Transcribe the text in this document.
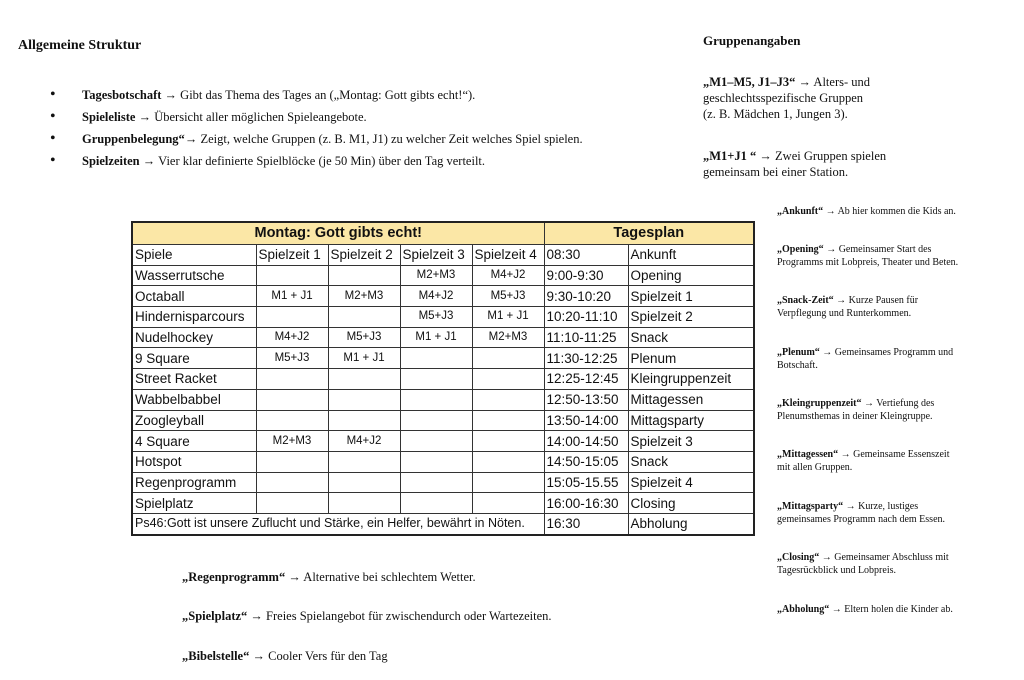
Allgemeine Struktur
• Tagesbotschaft → Gibt das Thema des Tages an („Montag: Gott gibts echt!“).
• Spieleliste → Übersicht aller möglichen Spieleangebote.
• Gruppenbelegung“→ Zeigt, welche Gruppen (z. B. M1, J1) zu welcher Zeit welches Spiel spielen.
• Spielzeiten → Vier klar definierte Spielblöcke (je 50 Min) über den Tag verteilt.
Gruppenangaben
„M1–M5, J1–J3“ → Alters- und
geschlechtsspezifische Gruppen
(z. B. Mädchen 1, Jungen 3).
„M1+J1 “ → Zwei Gruppen spielen
gemeinsam bei einer Station.
„Ankunft“ → Ab hier kommen die Kids an.
„Opening“ → Gemeinsamer Start des
Programms mit Lobpreis, Theater und Beten.
„Snack-Zeit“ → Kurze Pausen für
Verpflegung und Runterkommen.
„Plenum“ → Gemeinsames Programm und
Botschaft.
„Kleingruppenzeit“ → Vertiefung des
Plenumsthemas in deiner Kleingruppe.
„Mittagessen“ → Gemeinsame Essenszeit
mit allen Gruppen.
„Mittagsparty“ → Kurze, lustiges
gemeinsames Programm nach dem Essen.
„Closing“ → Gemeinsamer Abschluss mit
Tagesrückblick und Lobpreis.
„Abholung“ → Eltern holen die Kinder ab.
Montag: Gott gibts echt!					Tagesplan	
Spiele	Spielzeit 1	Spielzeit 2	Spielzeit 3	Spielzeit 4	08:30	Ankunft
Wasserrutsche			M2+M3	M4+J2	9:00-9:30	Opening
Octaball	M1 + J1	M2+M3	M4+J2	M5+J3	9:30-10:20	Spielzeit 1
Hindernisparcours			M5+J3	M1 + J1	10:20-11:10	Spielzeit 2
Nudelhockey	M4+J2	M5+J3	M1 + J1	M2+M3	11:10-11:25	Snack
9 Square	M5+J3	M1 + J1			11:30-12:25	Plenum
Street Racket					12:25-12:45	Kleingruppenzeit
Wabbelbabbel					12:50-13:50	Mittagessen
Zoogleyball					13:50-14:00	Mittagsparty
4 Square	M2+M3	M4+J2			14:00-14:50	Spielzeit 3
Hotspot					14:50-15:05	Snack
Regenprogramm					15:05-15.55	Spielzeit 4
Spielplatz					16:00-16:30	Closing
Ps46:Gott ist unsere Zuflucht und Stärke, ein Helfer, bewährt in Nöten.					16:30	Abholung
„Regenprogramm“ → Alternative bei schlechtem Wetter.
„Spielplatz“ → Freies Spielangebot für zwischendurch oder Wartezeiten.
„Bibelstelle“ → Cooler Vers für den Tag
